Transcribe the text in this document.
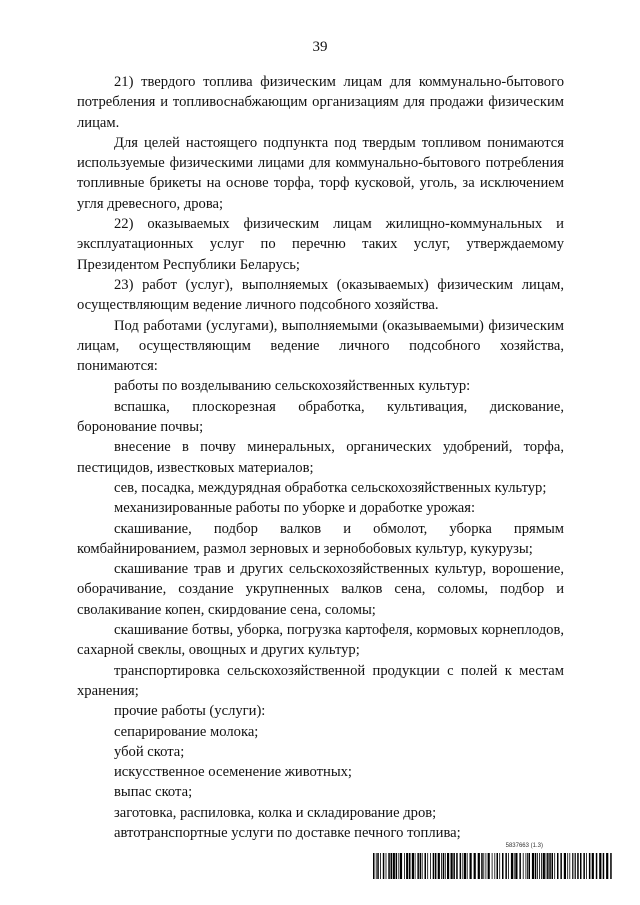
39

21) твердого топлива физическим лицам для коммунально-бытового потребления и топливоснабжающим организациям для продажи физическим лицам.

Для целей настоящего подпункта под твердым топливом понимаются используемые физическими лицами для коммунально-бытового потребления топливные брикеты на основе торфа, торф кусковой, уголь, за исключением угля древесного, дрова;

22) оказываемых физическим лицам жилищно-коммунальных и эксплуатационных услуг по перечню таких услуг, утверждаемому Президентом Республики Беларусь;

23) работ (услуг), выполняемых (оказываемых) физическим лицам, осуществляющим ведение личного подсобного хозяйства.

Под работами (услугами), выполняемыми (оказываемыми) физическим лицам, осуществляющим ведение личного подсобного хозяйства, понимаются:

работы по возделыванию сельскохозяйственных культур:

вспашка, плоскорезная обработка, культивация, дискование, боронование почвы;

внесение в почву минеральных, органических удобрений, торфа, пестицидов, известковых материалов;

сев, посадка, междурядная обработка сельскохозяйственных культур;

механизированные работы по уборке и доработке урожая:

скашивание, подбор валков и обмолот, уборка прямым комбайнированием, размол зерновых и зернобобовых культур, кукурузы;

скашивание трав и других сельскохозяйственных культур, ворошение, оборачивание, создание укрупненных валков сена, соломы, подбор и сволакивание копен, скирдование сена, соломы;

скашивание ботвы, уборка, погрузка картофеля, кормовых корнеплодов, сахарной свеклы, овощных и других культур;

транспортировка сельскохозяйственной продукции с полей к местам хранения;

прочие работы (услуги):

сепарирование молока;

убой скота;

искусственное осеменение животных;

выпас скота;

заготовка, распиловка, колка и складирование дров;

автотранспортные услуги по доставке печного топлива;

5837663 (1.3)
